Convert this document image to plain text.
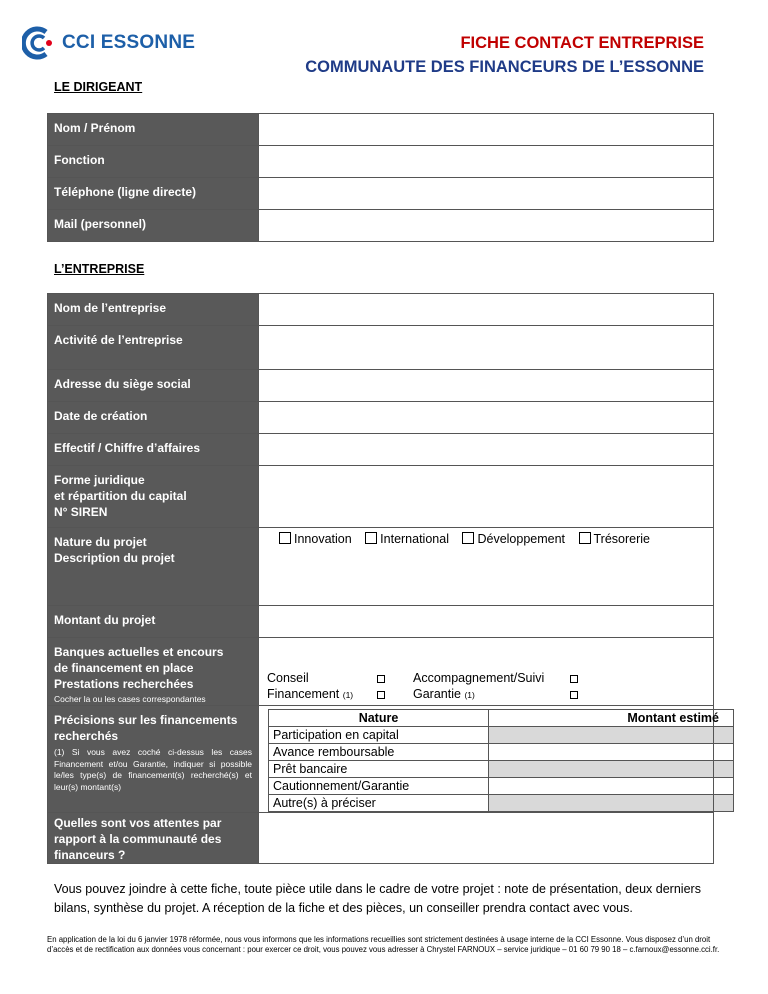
CCI ESSONNE	FICHE CONTACT ENTREPRISE
COMMUNAUTE DES FINANCEURS DE L’ESSONNE
LE DIRIGEANT
Nom / Prénom	
Fonction	
Téléphone (ligne directe)	
Mail (personnel)	
L’ENTREPRISE
Nom de l’entreprise	
Activité de l’entreprise	
Adresse du siège social	
Date de création	
Effectif / Chiffre d’affaires	
Forme juridique
et répartition du capital
N° SIREN	
Nature du projet
Description du projet	
Innovation International Développement Trésorerie

Montant du projet	
Banques actuelles et encours
de financement en place
Prestations recherchées
Cocher la ou les cases correspondantes

Conseil
Financement (1)
Accompagnement/Suivi
Garantie (1)

Précisions sur les financements
recherchés
(1) Si vous avez coché ci-dessus les cases Financement et/ou Garantie, indiquer si possible le/les type(s) de financement(s) recherché(s) et leur(s) montant(s)

Nature	Montant estimé
Participation en capital	
Avance remboursable	
Prêt bancaire	
Cautionnement/Garantie	
Autre(s) à préciser	

Quelles sont vos attentes par
rapport à la communauté des
financeurs ?	
Vous pouvez joindre à cette fiche, toute pièce utile dans le cadre de votre projet : note de présentation, deux derniers bilans, synthèse du projet. A réception de la fiche et des pièces, un conseiller prendra contact avec vous.
En application de la loi du 6 janvier 1978 réformée, nous vous informons que les informations recueillies sont strictement destinées à usage interne de la CCI Essonne. Vous disposez d’un droit d’accès et de rectification aux données vous concernant : pour exercer ce droit, vous pouvez vous adresser à Chrystel FARNOUX – service juridique – 01 60 79 90 18 – c.farnoux@essonne.cci.fr.
